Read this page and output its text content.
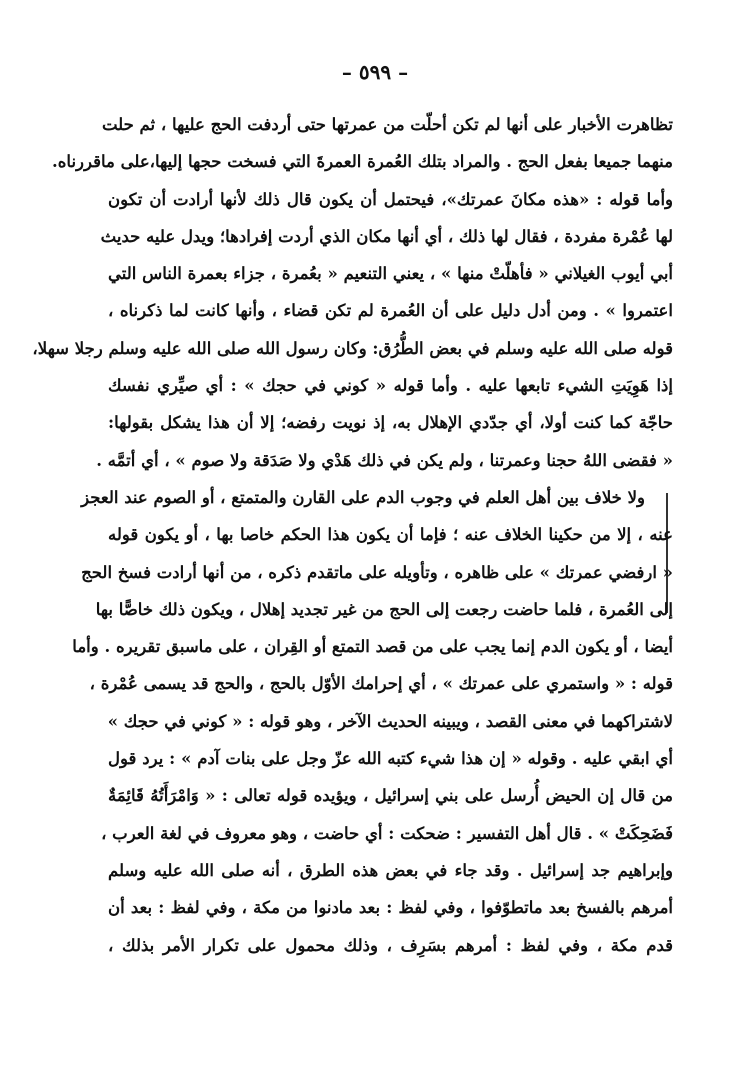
– ٥٩٩ –
تظاهرت الأخبار على أنها لم تكن أحلّت من عمرتها حتى أردفت الحج عليها ، ثم حلت
منهما جميعا بفعل الحج . والمراد بتلك العُمرة العمرةَ التي فسخت حجها إليها،على ماقررناه.
وأما قوله : «هذه مكانَ عمرتك»، فيحتمل أن يكون قال ذلك لأنها أرادت أن تكون
لها عُمْرة مفردة ، فقال لها ذلك ، أي أنها مكان الذي أردت إفرادها؛ ويدل عليه حديث
أبي أيوب الغيلاني « فأهلّتْ منها » ، يعني التنعيم « بعُمرة ، جزاء بعمرة الناس التي
اعتمروا » . ومن أدل دليل على أن العُمرة لم تكن قضاء ، وأنها كانت لما ذكرناه ،
قوله صلى الله عليه وسلم في بعض الطُّرُق: وكان رسول الله صلى الله عليه وسلم رجلا سهلا،
إذا هَوِيَتِ الشيء تابعها عليه . وأما قوله « كوني في حجك » : أي صيِّري نفسك
حاجّة كما كنت أولا، أي جدّدي الإهلال به، إذ نويت رفضه؛ إلا أن هذا يشكل بقولها:
« فقضى اللهُ حجنا وعمرتنا ، ولم يكن في ذلك هَدْي ولا صَدَقة ولا صوم » ، أي أتمَّه .
ولا خلاف بين أهل العلم في وجوب الدم على القارن والمتمتع ، أو الصوم عند العجز
عنه ، إلا من حكينا الخلاف عنه ؛ فإما أن يكون هذا الحكم خاصا بها ، أو يكون قوله
« ارفضي عمرتك » على ظاهره ، وتأويله على ماتقدم ذكره ، من أنها أرادت فسخ الحج
إلى العُمرة ، فلما حاضت رجعت إلى الحج من غير تجديد إهلال ، ويكون ذلك خاصًّا بها
أيضا ، أو يكون الدم إنما يجب على من قصد التمتع أو القِران ، على ماسبق تقريره . وأما
قوله : « واستمري على عمرتك » ، أي إحرامك الأوّل بالحج ، والحج قد يسمى عُمْرة ،
لاشتراكهما في معنى القصد ، ويبينه الحديث الآخر ، وهو قوله : « كوني في حجك »
أي ابقي عليه . وقوله « إن هذا شيء كتبه الله عزّ وجل على بنات آدم » : يرد قول
من قال إن الحيض أُرسل على بني إسرائيل ، ويؤيده قوله تعالى : « وَامْرَأَتُهُ قَائِمَةٌ
فَضَحِكَتْ » . قال أهل التفسير : ضحكت : أي حاضت ، وهو معروف في لغة العرب ،
وإبراهيم جد إسرائيل . وقد جاء في بعض هذه الطرق ، أنه صلى الله عليه وسلم
أمرهم بالفسخ بعد ماتطوّفوا ، وفي لفظ : بعد مادنوا من مكة ، وفي لفظ : بعد أن
قدم مكة ، وفي لفظ : أمرهم بسَرِف ، وذلك محمول على تكرار الأمر بذلك ،
